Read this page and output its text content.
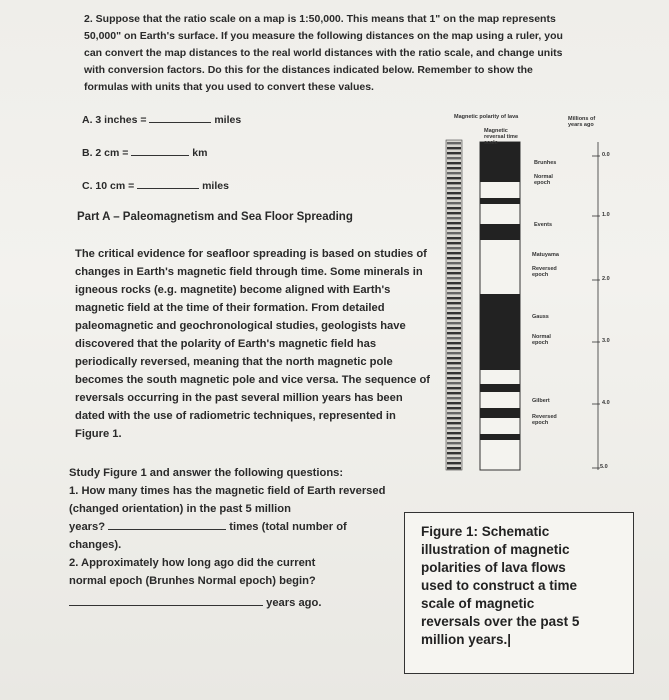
2. Suppose that the ratio scale on a map is 1:50,000. This means that 1" on the map represents
50,000" on Earth's surface. If you measure the following distances on the map using a ruler, you
can convert the map distances to the real world distances with the ratio scale, and change units
with conversion factors. Do this for the distances indicated below. Remember to show the
formulas with units that you used to convert these values.
A. 3 inches =	miles
B. 2 cm =	km
C. 10 cm =	miles
Part A – Paleomagnetism and Sea Floor Spreading
The critical evidence for seafloor spreading is based on studies of
changes in Earth's magnetic field through time. Some minerals in
igneous rocks (e.g. magnetite) become aligned with Earth's
magnetic field at the time of their formation. From detailed
paleomagnetic and geochronological studies, geologists have
discovered that the polarity of Earth's magnetic field has
periodically reversed, meaning that the north magnetic pole
becomes the south magnetic pole and vice versa. The sequence of
reversals occurring in the past several million years has been
dated with the use of radiometric techniques, represented in
Figure 1.
Study Figure 1 and answer the following questions:
1. How many times has the magnetic field of Earth reversed
(changed orientation) in the past 5 million
years?	times (total number of
changes).
2. Approximately how long ago did the current
normal epoch (Brunhes Normal epoch) begin?
years ago.
Magnetic polarity of lava
Magnetic reversal time scale
Millions of years ago
0.0
1.0
2.0
3.0
4.0
5.0
Brunhes
Normal epoch
Events
Matuyama
Reversed epoch
Gauss
Normal epoch
Gilbert
Reversed epoch
Figure 1: Schematic
illustration of magnetic
polarities of lava flows
used to construct a time
scale of magnetic
reversals over the past 5
million years.|
